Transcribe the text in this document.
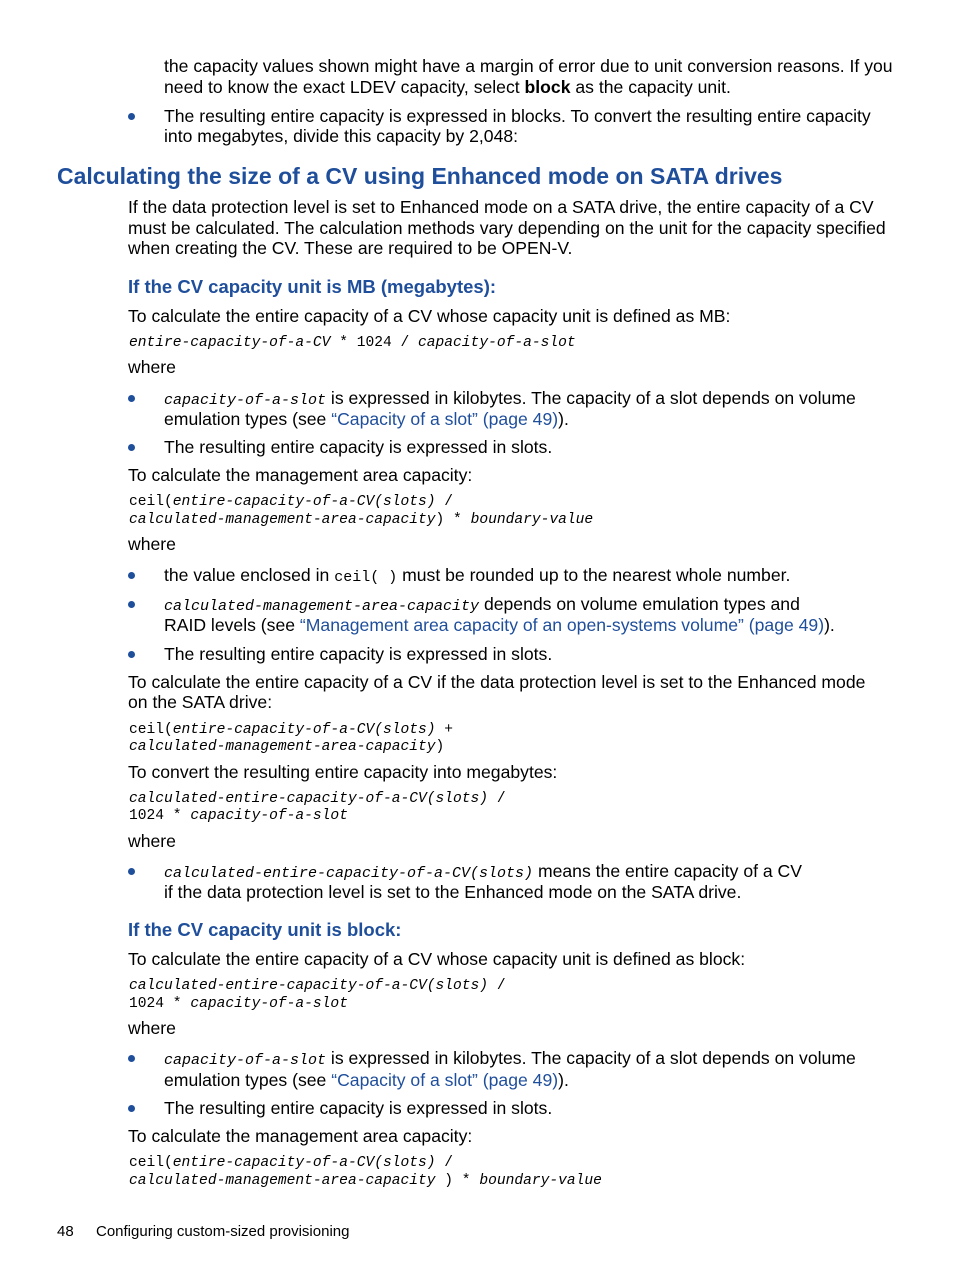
the capacity values shown might have a margin of error due to unit conversion reasons. If you

need to know the exact LDEV capacity, select block as the capacity unit.

The resulting entire capacity is expressed in blocks. To convert the resulting entire capacity

into megabytes, divide this capacity by 2,048:

Calculating the size of a CV using Enhanced mode on SATA drives

If the data protection level is set to Enhanced mode on a SATA drive, the entire capacity of a CV

must be calculated. The calculation methods vary depending on the unit for the capacity specified

when creating the CV. These are required to be OPEN-V.

If the CV capacity unit is MB (megabytes):

To calculate the entire capacity of a CV whose capacity unit is defined as MB:

entire-capacity-of-a-CV * 1024 / capacity-of-a-slot

where

capacity-of-a-slot is expressed in kilobytes. The capacity of a slot depends on volume

emulation types (see “Capacity of a slot” (page 49)).

The resulting entire capacity is expressed in slots.

To calculate the management area capacity:

ceil(entire-capacity-of-a-CV(slots) /

calculated-management-area-capacity) * boundary-value

where

the value enclosed in ceil( ) must be rounded up to the nearest whole number.

calculated-management-area-capacity depends on volume emulation types and

RAID levels (see “Management area capacity of an open-systems volume” (page 49)).

The resulting entire capacity is expressed in slots.

To calculate the entire capacity of a CV if the data protection level is set to the Enhanced mode

on the SATA drive:

ceil(entire-capacity-of-a-CV(slots) +

calculated-management-area-capacity)

To convert the resulting entire capacity into megabytes:

calculated-entire-capacity-of-a-CV(slots) /

1024 * capacity-of-a-slot

where

calculated-entire-capacity-of-a-CV(slots) means the entire capacity of a CV

if the data protection level is set to the Enhanced mode on the SATA drive.

If the CV capacity unit is block:

To calculate the entire capacity of a CV whose capacity unit is defined as block:

calculated-entire-capacity-of-a-CV(slots) /

1024 * capacity-of-a-slot

where

capacity-of-a-slot is expressed in kilobytes. The capacity of a slot depends on volume

emulation types (see “Capacity of a slot” (page 49)).

The resulting entire capacity is expressed in slots.

To calculate the management area capacity:

ceil(entire-capacity-of-a-CV(slots) /

calculated-management-area-capacity ) * boundary-value

48 Configuring custom-sized provisioning
